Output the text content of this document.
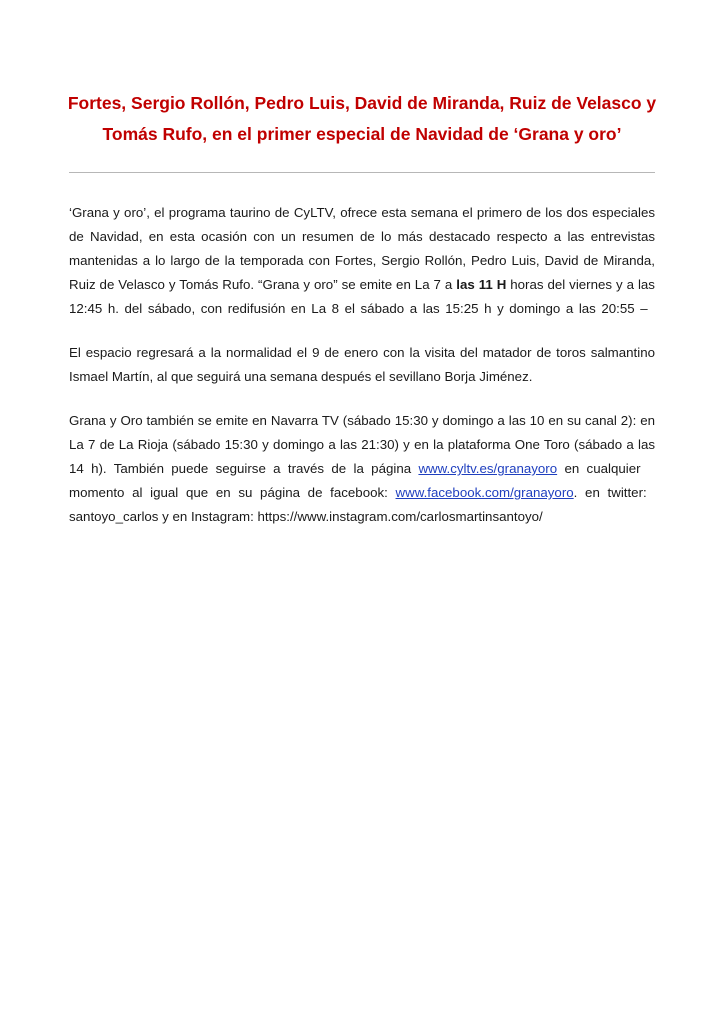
Fortes, Sergio Rollón, Pedro Luis, David de Miranda, Ruiz de Velasco y
Tomás Rufo, en el primer especial de Navidad de ‘Grana y oro’
‘Grana y oro’, el programa taurino de CyLTV, ofrece esta semana el primero de los dos especiales
de Navidad, en esta ocasión con un resumen de lo más destacado respecto a las entrevistas
mantenidas a lo largo de la temporada con Fortes, Sergio Rollón, Pedro Luis, David de Miranda,
Ruiz de Velasco y Tomás Rufo. “Grana y oro” se emite en La 7 a las 11 H horas del viernes y a las
12:45 h. del sábado, con redifusión en La 8 el sábado a las 15:25 h y domingo a las 20:55 –
El espacio regresará a la normalidad el 9 de enero con la visita del matador de toros salmantino
Ismael Martín, al que seguirá una semana después el sevillano Borja Jiménez.
Grana y Oro también se emite en Navarra TV (sábado 15:30 y domingo a las 10 en su canal 2): en
La 7 de La Rioja (sábado 15:30 y domingo a las 21:30) y en la plataforma One Toro (sábado a las
14 h). También puede seguirse a través de la página www.cyltv.es/granayoro en cualquier
momento al igual que en su página de facebook: www.facebook.com/granayoro. en twitter:
santoyo_carlos y en Instagram: https://www.instagram.com/carlosmartinsantoyo/
